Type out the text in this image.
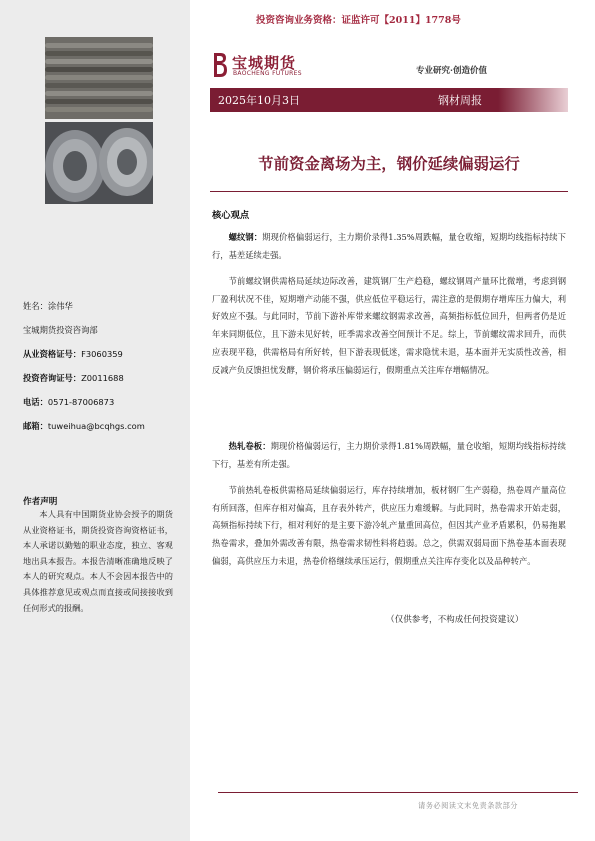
姓名：涂伟华
宝城期货投资咨询部
从业资格证号：F3060359
投资咨询证号：Z0011688
电话：0571-87006873
邮箱：tuweihua@bcqhgs.com
作者声明
本人具有中国期货业协会授予的期货从业资格证书，期货投资咨询资格证书，本人承诺以勤勉的职业态度，独立、客观地出具本报告。本报告清晰准确地反映了本人的研究观点。本人不会因本报告中的具体推荐意见或观点而直接或间接接收到任何形式的报酬。
投资咨询业务资格：证监许可【2011】1778号
宝城期货
BAOCHENG FUTURES	专业研究·创造价值
2025年10月3日	钢材周报
节前资金离场为主，钢价延续偏弱运行
核心观点
螺纹钢：期现价格偏弱运行，主力期价录得1.35%周跌幅，量仓收缩，短期均线指标持续下行，基差延续走强。
节前螺纹钢供需格局延续边际改善，建筑钢厂生产趋稳，螺纹钢周产量环比微增，考虑到钢厂盈利状况不佳，短期增产动能不强，供应低位平稳运行，需注意的是假期存增库压力偏大，利好效应不强。与此同时，节前下游补库带来螺纹钢需求改善，高频指标低位回升，但两者仍是近年来同期低位，且下游未见好转，旺季需求改善空间预计不足。综上，节前螺纹需求回升，而供应表现平稳，供需格局有所好转，但下游表现低迷，需求隐忧未退，基本面并无实质性改善，相反减产负反馈担忧发酵，钢价将承压偏弱运行，假期重点关注库存增幅情况。
热轧卷板：期现价格偏弱运行，主力期价录得1.81%周跌幅，量仓收缩，短期均线指标持续下行，基差有所走强。
节前热轧卷板供需格局延续偏弱运行，库存持续增加，板材钢厂生产弱稳，热卷周产量高位有所回落，但库存相对偏高，且存表外转产，供应压力难缓解。与此同时，热卷需求开始走弱，高频指标持续下行，相对利好的是主要下游冷轧产量重回高位，但因其产业矛盾累积，仍易拖累热卷需求，叠加外需改善有限，热卷需求韧性料将趋弱。总之，供需双弱局面下热卷基本面表现偏弱，高供应压力未退，热卷价格继续承压运行，假期重点关注库存变化以及品种转产。
（仅供参考，不构成任何投资建议）
请务必阅读文末免责条款部分
